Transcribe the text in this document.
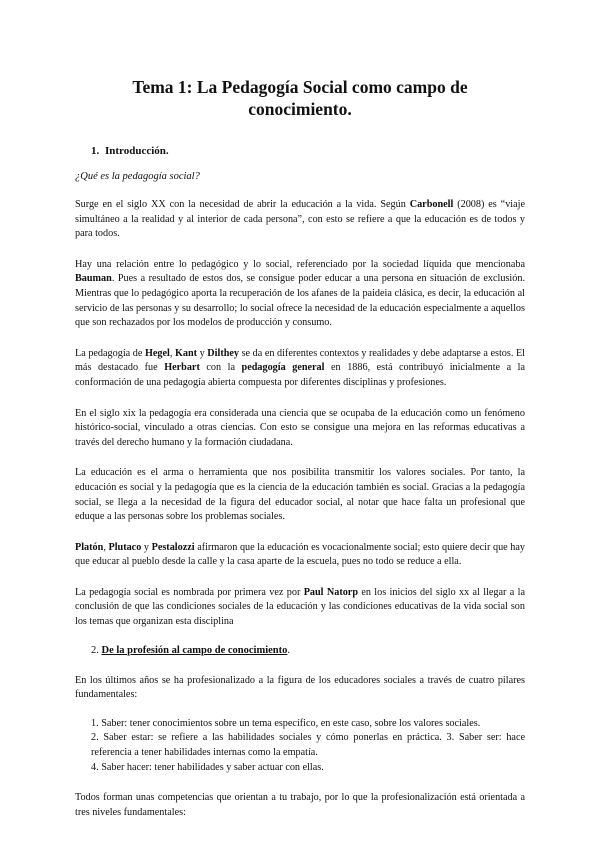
Tema 1: La Pedagogía Social como campo de conocimiento.
1. Introducción.
¿Qué es la pedagogía social?

Surge en el siglo XX con la necesidad de abrir la educación a la vida. Según Carbonell (2008) es “viaje simultáneo a la realidad y al interior de cada persona”, con esto se refiere a que la educación es de todos y para todos.

Hay una relación entre lo pedagógico y lo social, referenciado por la sociedad líquida que mencionaba Bauman. Pues a resultado de estos dos, se consigue poder educar a una persona en situación de exclusión. Mientras que lo pedagógico aporta la recuperación de los afanes de la paideia clásica, es decir, la educación al servicio de las personas y su desarrollo; lo social ofrece la necesidad de la educación especialmente a aquellos que son rechazados por los modelos de producción y consumo.

La pedagogía de Hegel, Kant y Dilthey se da en diferentes contextos y realidades y debe adaptarse a estos. El más destacado fue Herbart con la pedagogía general en 1886, está contribuyó inicialmente a la conformación de una pedagogía abierta compuesta por diferentes disciplinas y profesiones.

En el siglo xix la pedagogía era considerada una ciencia que se ocupaba de la educación como un fenómeno histórico-social, vinculado a otras ciencias. Con esto se consigue una mejora en las reformas educativas a través del derecho humano y la formación ciudadana.

La educación es el arma o herramienta que nos posibilita transmitir los valores sociales. Por tanto, la educación es social y la pedagogía que es la ciencia de la educación también es social. Gracias a la pedagogía social, se llega a la necesidad de la figura del educador social, al notar que hace falta un profesional que eduque a las personas sobre los problemas sociales.

Platón, Plutaco y Pestalozzi afirmaron que la educación es vocacionalmente social; esto quiere decir que hay que educar al pueblo desde la calle y la casa aparte de la escuela, pues no todo se reduce a ella.

La pedagogía social es nombrada por primera vez por Paul Natorp en los inicios del siglo xx al llegar a la conclusión de que las condiciones sociales de la educación y las condiciones educativas de la vida social son los temas que organizan esta disciplina

2. De la profesión al campo de conocimiento.

En los últimos años se ha profesionalizado a la figura de los educadores sociales a través de cuatro pilares fundamentales:

1. Saber: tener conocimientos sobre un tema específico, en este caso, sobre los valores sociales.
2. Saber estar: se refiere a las habilidades sociales y cómo ponerlas en práctica. 3. Saber ser: hace referencia a tener habilidades internas como la empatía.
4. Saber hacer: tener habilidades y saber actuar con ellas.

Todos forman unas competencias que orientan a tu trabajo, por lo que la profesionalización está orientada a tres niveles fundamentales:
